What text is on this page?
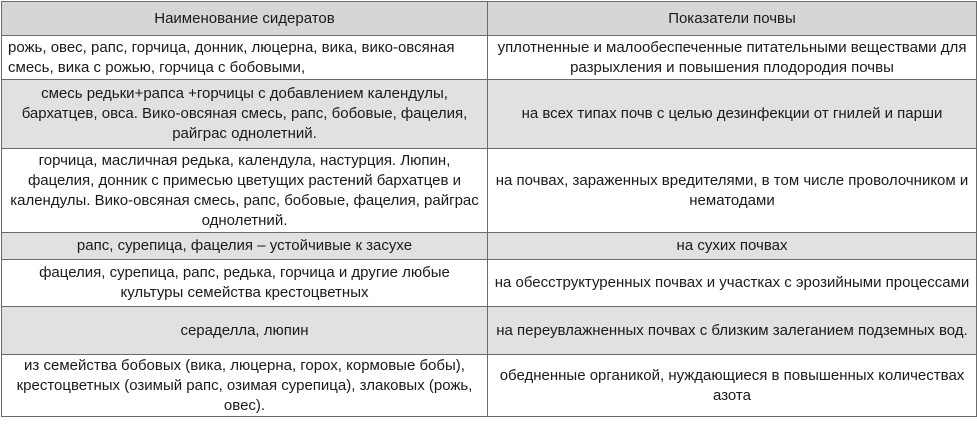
Наименование сидератов	Показатели почвы

рожь, овес, рапс, горчица, донник, люцерна, вика, вико-овсяная смесь, вика с рожью, горчица с бобовыми,	уплотненные и малообеспеченные питательными веществами для разрыхления и повышения плодородия почвы

смесь редьки+рапса +горчицы с добавлением календулы, бархатцев, овса. Вико-овсяная смесь, рапс, бобовые, фацелия, райграс однолетний.	на всех типах почв с целью дезинфекции от гнилей и парши

горчица, масличная редька, календула, настурция. Люпин, фацелия, донник с примесью цветущих растений бархатцев и календулы. Вико-овсяная смесь, рапс, бобовые, фацелия, райграс однолетний.	на почвах, зараженных вредителями, в том числе проволочником и нематодами

рапс, сурепица, фацелия – устойчивые к засухе	на сухих почвах

фацелия, сурепица, рапс, редька, горчица и другие любые культуры семейства крестоцветных	на обесструктуренных почвах и участках с эрозийными процессами

сераделла, люпин	на переувлажненных почвах с близким залеганием подземных вод.

из семейства бобовых (вика, люцерна, горох, кормовые бобы), крестоцветных (озимый рапс, озимая сурепица), злаковых (рожь, овес).	обедненные органикой, нуждающиеся в повышенных количествах азота
